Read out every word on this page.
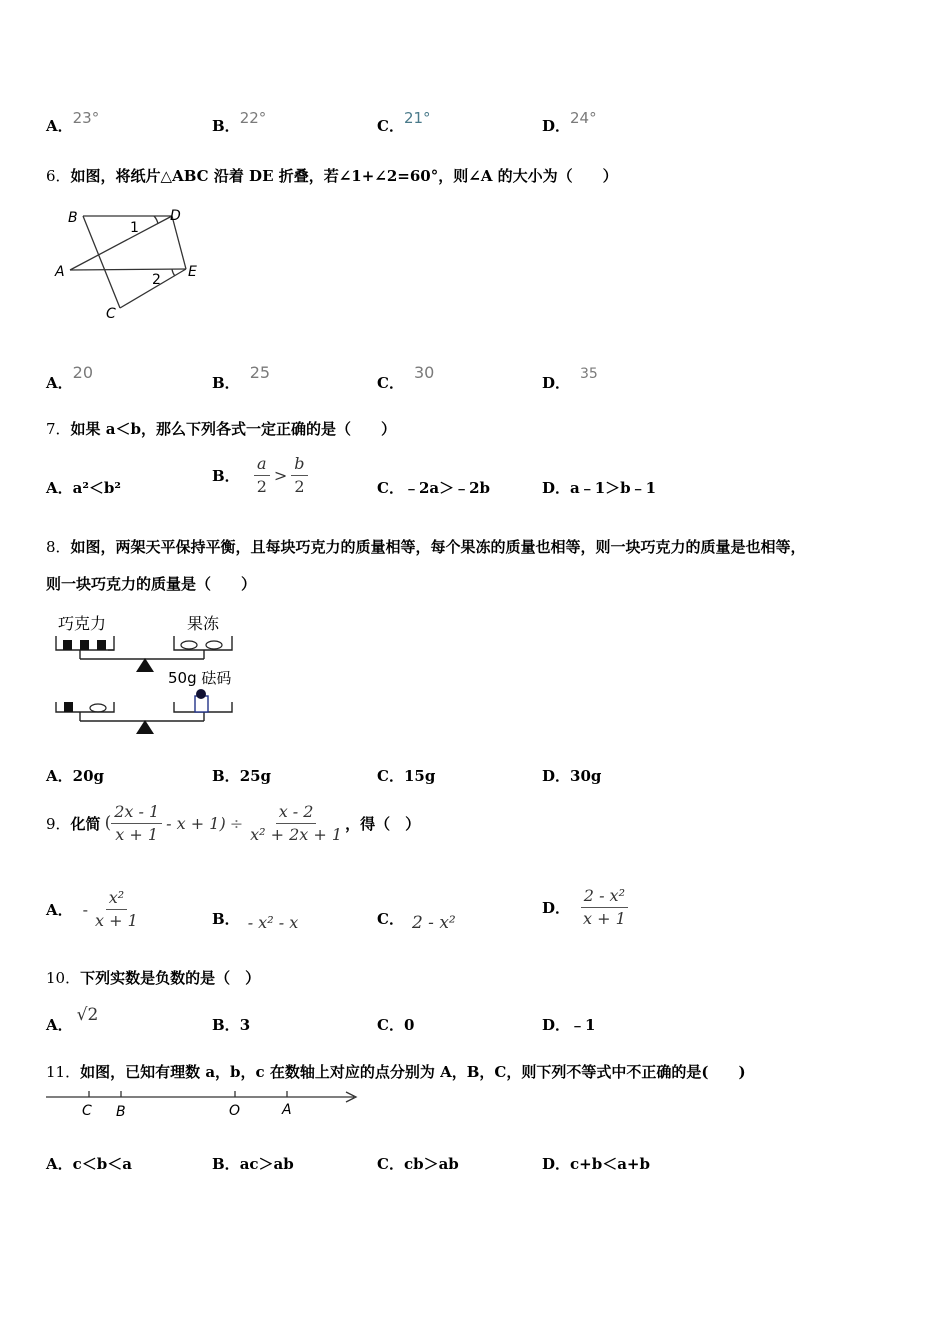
A．23°	B．22°	C．21°	D．24°
6．如图，将纸片△ABC 沿着 DE 折叠，若∠1+∠2=60°，则∠A 的大小为（　　）
B	D
A	E
C
1
2
A．20
B．25
C．30
D． 35
7．如果 a＜b，那么下列各式一定正确的是（　　）
A．a²＜b²
B． $\frac{a}{2} > \frac{b}{2}$	C．﹣2a＞﹣2b	D．a﹣1＞b﹣1
8．如图，两架天平保持平衡，且每块巧克力的质量相等，每个果冻的质量也相等，则一块巧克力的质量是也相等，
则一块巧克力的质量是（　　）
巧克力	果冻
50g 砝码
A．20g	B．25g	C．15g	D．30g
9． 化简 ( $\frac{2x - 1}{x + 1} - x + 1) \div \frac{x - 2}{\text{x² + 2x + 1}}$ ，得（　）
A． - $\frac{\text{x²}}{x + 1}$	B． - x² - x	C． 2 - x²
D． $\frac{\text{2 - x²}}{x + 1}$
10．下列实数是负数的是（　）
A． √2	B．3	C．0	D．﹣1
11．如图，已知有理数 a，b，c 在数轴上对应的点分别为 A，B，C，则下列不等式中不正确的是(　　)
C B	O	A
A．c＜b＜a	B．ac＞ab	C．cb＞ab	D．c+b＜a+b
